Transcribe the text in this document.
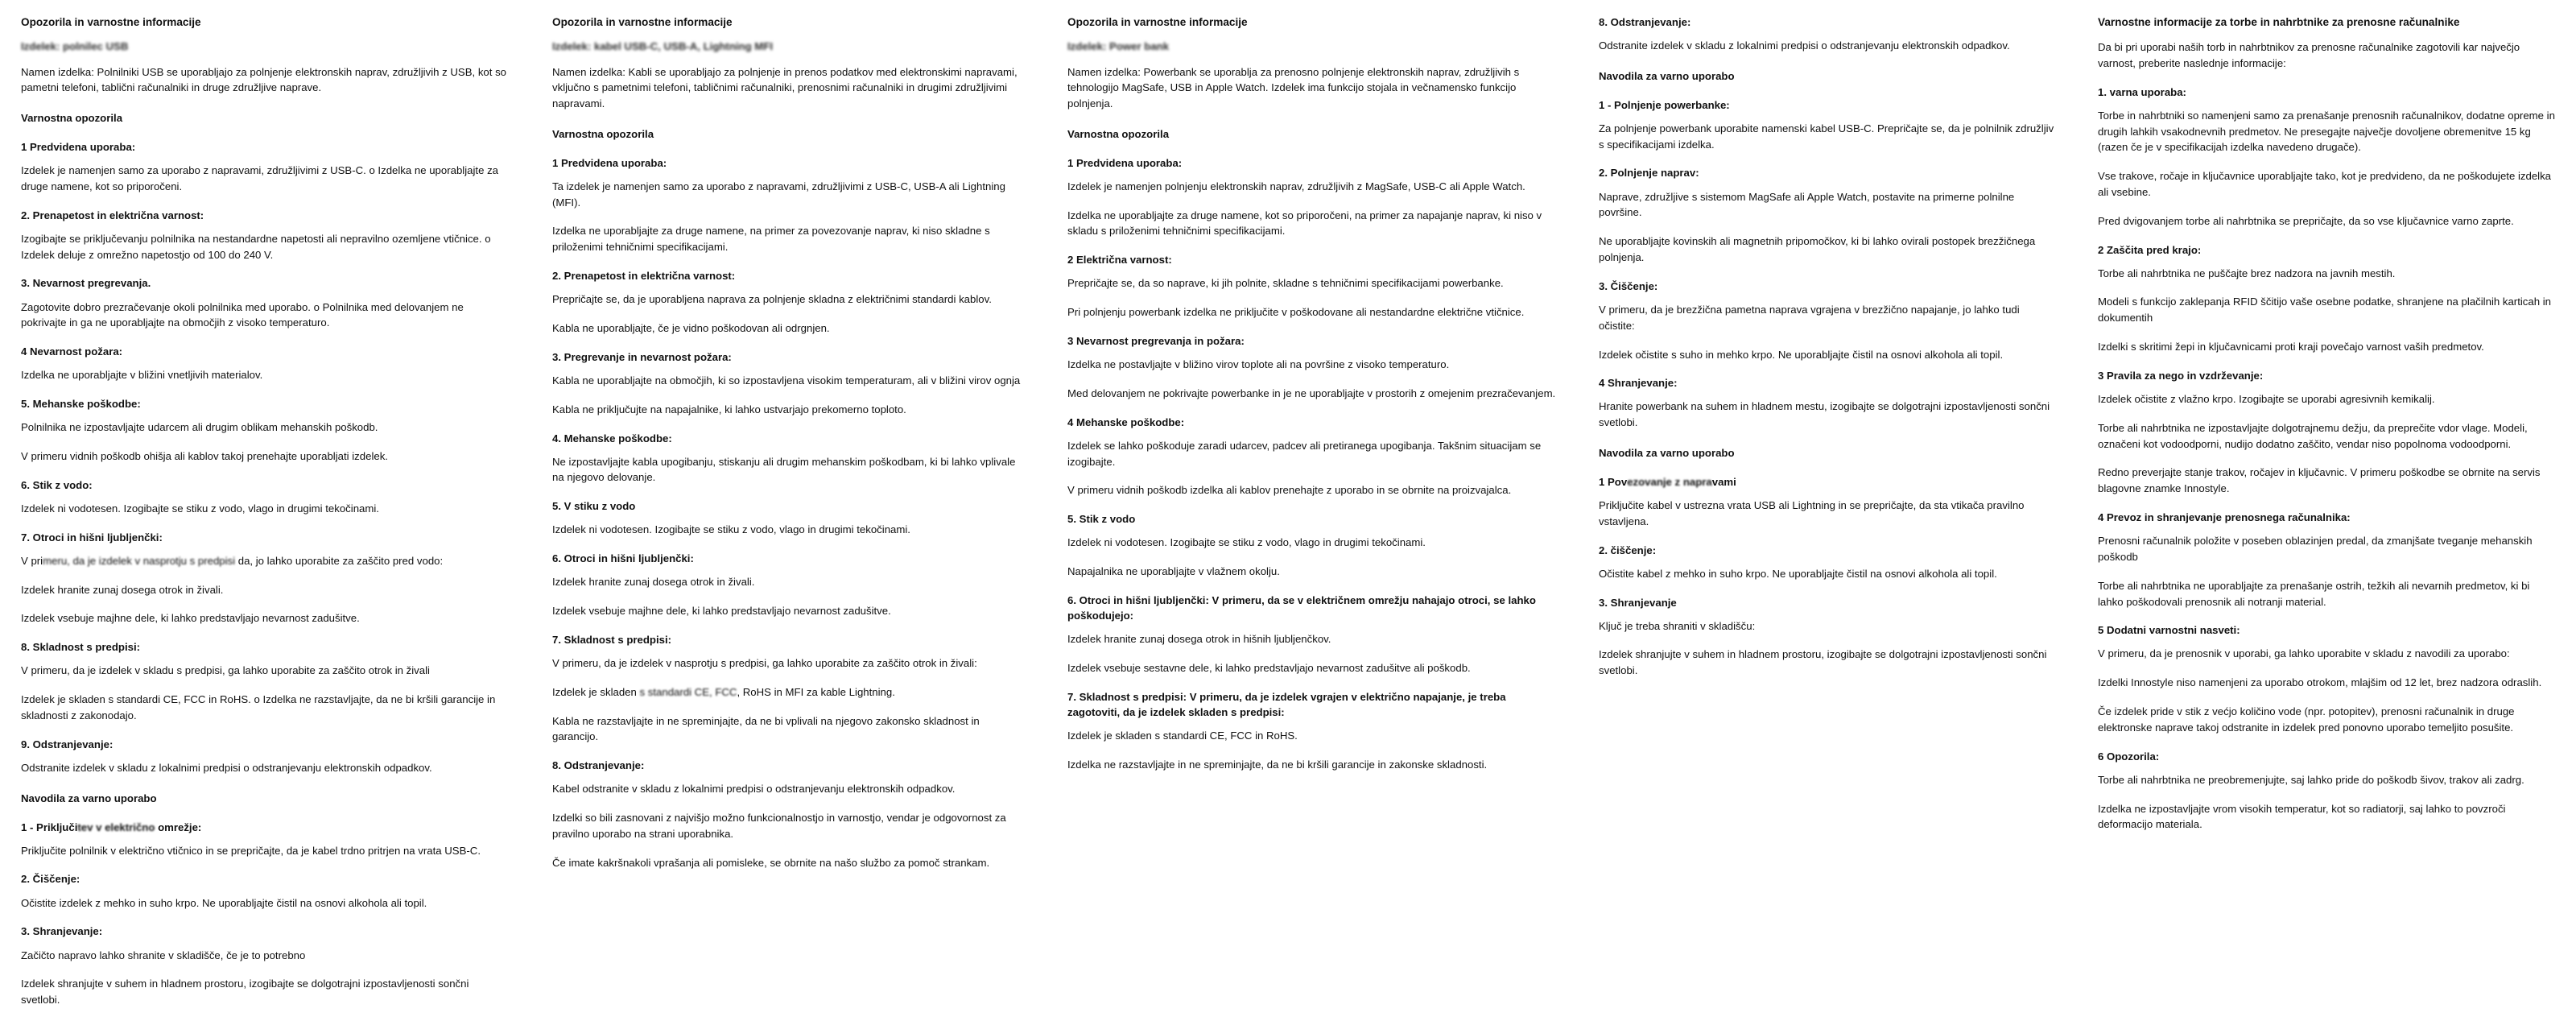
Opozorila in varnostne informacije
Izdelek: polnilec USB

Namen izdelka: Polnilniki USB se uporabljajo za polnjenje elektronskih naprav, združljivih z USB, kot so pametni telefoni, tablični računalniki in druge združljive naprave.

Varnostna opozorila
1 Predvidena uporaba:

Izdelek je namenjen samo za uporabo z napravami, združljivimi z USB-C. o Izdelka ne uporabljajte za druge namene, kot so priporočeni.

2. Prenapetost in električna varnost:

Izogibajte se priključevanju polnilnika na nestandardne napetosti ali nepravilno ozemljene vtičnice. o Izdelek deluje z omrežno napetostjo od 100 do 240 V.

3. Nevarnost pregrevanja.

Zagotovite dobro prezračevanje okoli polnilnika med uporabo. o Polnilnika med delovanjem ne pokrivajte in ga ne uporabljajte na območjih z visoko temperaturo.

4 Nevarnost požara:

Izdelka ne uporabljajte v bližini vnetljivih materialov.

5. Mehanske poškodbe:

Polnilnika ne izpostavljajte udarcem ali drugim oblikam mehanskih poškodb.

V primeru vidnih poškodb ohišja ali kablov takoj prenehajte uporabljati izdelek.

6. Stik z vodo:

Izdelek ni vodotesen. Izogibajte se stiku z vodo, vlago in drugimi tekočinami.

7. Otroci in hišni ljubljenčki:

V primeru, da je izdelek v nasprotju s predpisi da, jo lahko uporabite za zaščito pred vodo:

Izdelek hranite zunaj dosega otrok in živali.

Izdelek vsebuje majhne dele, ki lahko predstavljajo nevarnost zadušitve.

8. Skladnost s predpisi:

V primeru, da je izdelek v skladu s predpisi, ga lahko uporabite za zaščito otrok in živali

Izdelek je skladen s standardi CE, FCC in RoHS. o Izdelka ne razstavljajte, da ne bi kršili garancije in skladnosti z zakonodajo.

9. Odstranjevanje:

Odstranite izdelek v skladu z lokalnimi predpisi o odstranjevanju elektronskih odpadkov.

Navodila za varno uporabo
1 - Priključitev v električno omrežje:

Priključite polnilnik v električno vtičnico in se prepričajte, da je kabel trdno pritrjen na vrata USB-C.

2. Čiščenje:

Očistite izdelek z mehko in suho krpo. Ne uporabljajte čistil na osnovi alkohola ali topil.

3. Shranjevanje:

Začičto napravo lahko shranite v skladišče, če je to potrebno

Izdelek shranjujte v suhem in hladnem prostoru, izogibajte se dolgotrajni izpostavljenosti sončni svetlobi.

Opozorila in varnostne informacije
Izdelek: kabel USB-C, USB-A, Lightning MFI

Namen izdelka: Kabli se uporabljajo za polnjenje in prenos podatkov med elektronskimi napravami, vključno s pametnimi telefoni, tabličnimi računalniki, prenosnimi računalniki in drugimi združljivimi napravami.

Varnostna opozorila
1 Predvidena uporaba:

Ta izdelek je namenjen samo za uporabo z napravami, združljivimi z USB-C, USB-A ali Lightning (MFI).

Izdelka ne uporabljajte za druge namene, na primer za povezovanje naprav, ki niso skladne s priloženimi tehničnimi specifikacijami.

2. Prenapetost in električna varnost:

Prepričajte se, da je uporabljena naprava za polnjenje skladna z električnimi standardi kablov.

Kabla ne uporabljajte, če je vidno poškodovan ali odrgnjen.

3. Pregrevanje in nevarnost požara:

Kabla ne uporabljajte na območjih, ki so izpostavljena visokim temperaturam, ali v bližini virov ognja

Kabla ne priključujte na napajalnike, ki lahko ustvarjajo prekomerno toploto.

4. Mehanske poškodbe:

Ne izpostavljajte kabla upogibanju, stiskanju ali drugim mehanskim poškodbam, ki bi lahko vplivale na njegovo delovanje.

5. V stiku z vodo

Izdelek ni vodotesen. Izogibajte se stiku z vodo, vlago in drugimi tekočinami.

6. Otroci in hišni ljubljenčki:

Izdelek hranite zunaj dosega otrok in živali.

Izdelek vsebuje majhne dele, ki lahko predstavljajo nevarnost zadušitve.

7. Skladnost s predpisi:

V primeru, da je izdelek v nasprotju s predpisi, ga lahko uporabite za zaščito otrok in živali:

Izdelek je skladen s standardi CE, FCC, RoHS in MFI za kable Lightning.

Kabla ne razstavljajte in ne spreminjajte, da ne bi vplivali na njegovo zakonsko skladnost in garancijo.

8. Odstranjevanje:

Kabel odstranite v skladu z lokalnimi predpisi o odstranjevanju elektronskih odpadkov.

Izdelki so bili zasnovani z najvišjo možno funkcionalnostjo in varnostjo, vendar je odgovornost za pravilno uporabo na strani uporabnika.

Če imate kakršnakoli vprašanja ali pomislekе, se obrnite na našo službo za pomoč strankam.

Opozorila in varnostne informacije
Izdelek: Power bank

Namen izdelka: Powerbank se uporablja za prenosno polnjenje elektronskih naprav, združljivih s tehnologijo MagSafe, USB in Apple Watch. Izdelek ima funkcijo stojala in večnamensko funkcijo polnjenja.

Varnostna opozorila
1 Predvidena uporaba:

Izdelek je namenjen polnjenju elektronskih naprav, združljivih z MagSafe, USB-C ali Apple Watch.

Izdelka ne uporabljajte za druge namene, kot so priporočeni, na primer za napajanje naprav, ki niso v skladu s priloženimi tehničnimi specifikacijami.

2 Električna varnost:

Prepričajte se, da so naprave, ki jih polnite, skladne s tehničnimi specifikacijami powerbanke.

Pri polnjenju powerbank izdelka ne priključite v poškodovane ali nestandardne električne vtičnice.

3 Nevarnost pregrevanja in požara:

Izdelka ne postavljajte v bližino virov toplote ali na površine z visoko temperaturo.

Med delovanjem ne pokrivajte powerbanke in je ne uporabljajte v prostorih z omejenim prezračevanjem.

4 Mehanske poškodbe:

Izdelek se lahko poškoduje zaradi udarcev, padcev ali pretiranega upogibanja. Takšnim situacijam se izogibajte.

V primeru vidnih poškodb izdelka ali kablov prenehajte z uporabo in se obrnite na proizvajalca.

5. Stik z vodo

Izdelek ni vodotesen. Izogibajte se stiku z vodo, vlago in drugimi tekočinami.

Napajalnika ne uporabljajte v vlažnem okolju.

6. Otroci in hišni ljubljenčki: V primeru, da se v električnem omrežju nahajajo otroci, se lahko poškodujejo:

Izdelek hranite zunaj dosega otrok in hišnih ljubljenčkov.

Izdelek vsebuje sestavne dele, ki lahko predstavljajo nevarnost zadušitve ali poškodb.

7. Skladnost s predpisi: V primeru, da je izdelek vgrajen v električno napajanje, je treba zagotoviti, da je izdelek skladen s predpisi:

Izdelek je skladen s standardi CE, FCC in RoHS.

Izdelka ne razstavljajte in ne spreminjajte, da ne bi kršili garancije in zakonske skladnosti.

8. Odstranjevanje:

Odstranite izdelek v skladu z lokalnimi predpisi o odstranjevanju elektronskih odpadkov.

Navodila za varno uporabo
1 - Polnjenje powerbanke:

Za polnjenje powerbank uporabite namenski kabel USB-C. Prepričajte se, da je polnilnik združljiv s specifikacijami izdelka.

2. Polnjenje naprav:

Naprave, združljive s sistemom MagSafe ali Apple Watch, postavite na primerne polnilne površine.

Ne uporabljajte kovinskih ali magnetnih pripomočkov, ki bi lahko ovirali postopek brezžičnega polnjenja.

3. Čiščenje:

V primeru, da je brezžična pametna naprava vgrajena v brezžično napajanje, jo lahko tudi očistite:

Izdelek očistite s suho in mehko krpo. Ne uporabljajte čistil na osnovi alkohola ali topil.

4 Shranjevanje:

Hranite powerbank na suhem in hladnem mestu, izogibajte se dolgotrajni izpostavljenosti sončni svetlobi.

Navodila za varno uporabo
1 Povezovanje z napravami

Priključite kabel v ustrezna vrata USB ali Lightning in se prepričajte, da sta vtikača pravilno vstavljena.

2. čiščenje:

Očistite kabel z mehko in suho krpo. Ne uporabljajte čistil na osnovi alkohola ali topil.

3. Shranjevanje

Ključ je treba shraniti v skladišču:

Izdelek shranjujte v suhem in hladnem prostoru, izogibajte se dolgotrajni izpostavljenosti sončni svetlobi.

Varnostne informacije za torbe in nahrbtnike za prenosne računalnike

Da bi pri uporabi naših torb in nahrbtnikov za prenosne računalnike zagotovili kar največjo varnost, preberite naslednje informacije:

1. varna uporaba:

Torbe in nahrbtniki so namenjeni samo za prenašanje prenosnih računalnikov, dodatne opreme in drugih lahkih vsakodnevnih predmetov. Ne presegajte največje dovoljene obremenitve 15 kg (razen če je v specifikacijah izdelka navedeno drugače).

Vse trakove, ročaje in ključavnice uporabljajte tako, kot je predvideno, da ne poškodujete izdelka ali vsebine.

Pred dvigovanjem torbe ali nahrbtnika se prepričajte, da so vse ključavnice varno zaprte.

2 Zaščita pred krajo:

Torbe ali nahrbtnika ne puščajte brez nadzora na javnih mestih.

Modeli s funkcijo zaklepanja RFID ščitijo vaše osebne podatke, shranjene na plačilnih karticah in dokumentih

Izdelki s skritimi žepi in ključavnicami proti kraji povečajo varnost vaših predmetov.

3 Pravila za nego in vzdrževanje:

Izdelek očistite z vlažno krpo. Izogibajte se uporabi agresivnih kemikalij.

Torbe ali nahrbtnika ne izpostavljajte dolgotrajnemu dežju, da preprečite vdor vlage. Modeli, označeni kot vodoodporni, nudijo dodatno zaščito, vendar niso popolnoma vodoodporni.

Redno preverjajte stanje trakov, ročajev in ključavnic. V primeru poškodbe se obrnite na servis blagovne znamke Innostyle.

4 Prevoz in shranjevanje prenosnega računalnika:

Prenosni računalnik položite v poseben oblazinjen predal, da zmanjšate tveganje mehanskih poškodb

Torbe ali nahrbtnika ne uporabljajte za prenašanje ostrih, težkih ali nevarnih predmetov, ki bi lahko poškodovali prenosnik ali notranji material.

5 Dodatni varnostni nasveti:

V primeru, da je prenosnik v uporabi, ga lahko uporabite v skladu z navodili za uporabo:

Izdelki Innostyle niso namenjeni za uporabo otrokom, mlajšim od 12 let, brez nadzora odraslih.

Če izdelek pride v stik z većjo količino vode (npr. potopitev), prenosni računalnik in druge elektronske naprave takoj odstranite in izdelek pred ponovno uporabo temeljito posušite.

6 Opozorila:

Torbe ali nahrbtnika ne preobremenjujte, saj lahko pride do poškodb šivov, trakov ali zadrg.

Izdelka ne izpostavljajte vrom visokih temperatur, kot so radiatorji, saj lahko to povzroči deformacijo materiala.
